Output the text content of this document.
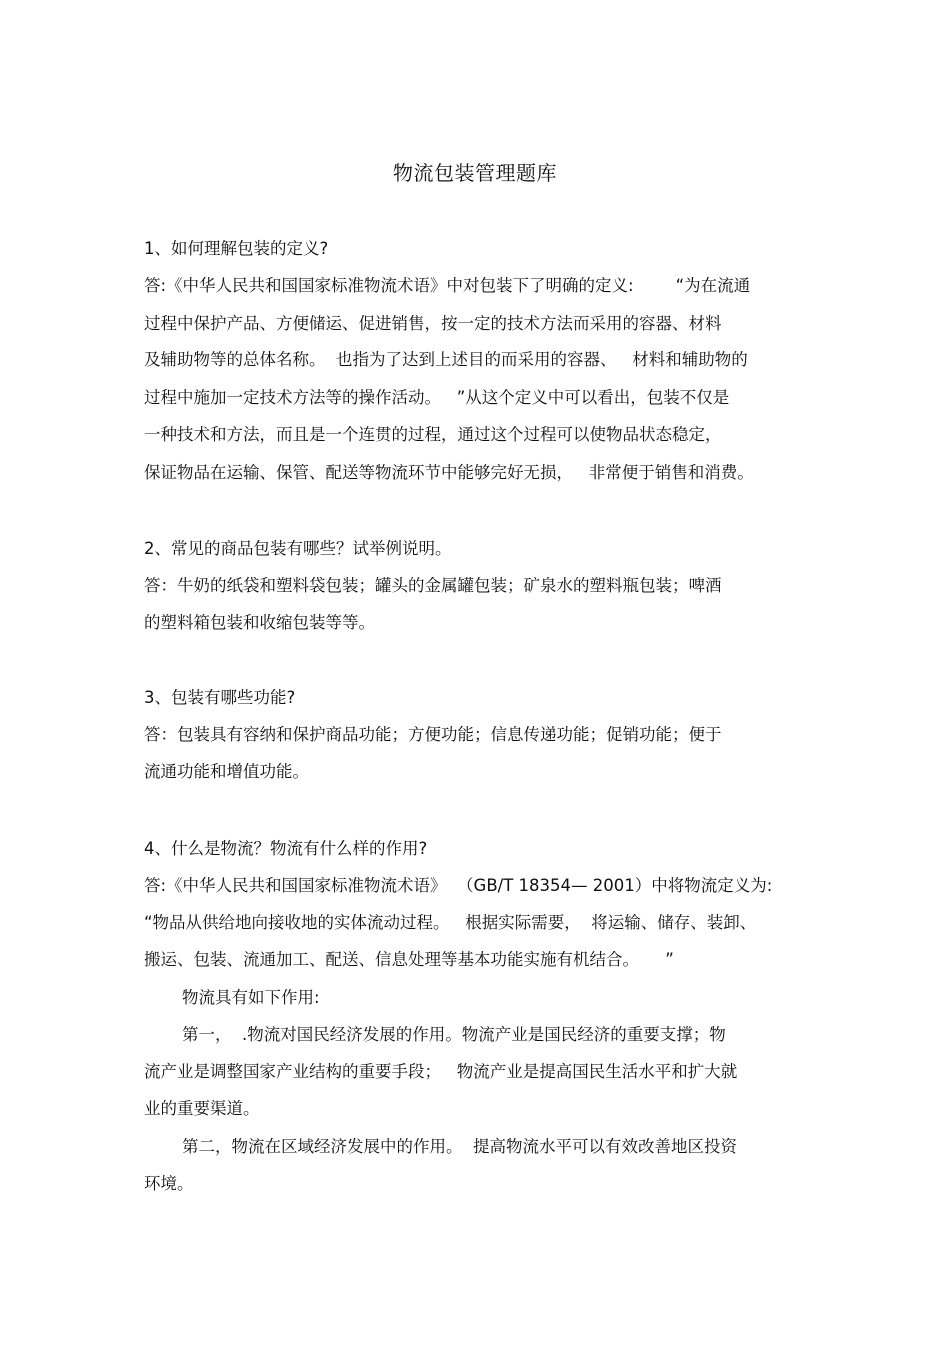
物流包装管理题库
1、如何理解包装的定义?
答:《中华人民共和国国家标准物流术语》中对包装下了明确的定义:        “为在流通
过程中保护产品、方便储运、促进销售，按一定的技术方法而采用的容器、材料
及辅助物等的总体名称。  也指为了达到上述目的而采用的容器、   材料和辅助物的
过程中施加一定技术方法等的操作活动。   ”从这个定义中可以看出，包装不仅是
一种技术和方法，而且是一个连贯的过程，通过这个过程可以使物品状态稳定，
保证物品在运输、保管、配送等物流环节中能够完好无损，   非常便于销售和消费。
2、常见的商品包装有哪些？试举例说明。
答：牛奶的纸袋和塑料袋包装；罐头的金属罐包装；矿泉水的塑料瓶包装；啤酒
的塑料箱包装和收缩包装等等。
3、包装有哪些功能?
答：包装具有容纳和保护商品功能；方便功能；信息传递功能；促销功能；便于
流通功能和增值功能。
4、什么是物流？物流有什么样的作用?
答:《中华人民共和国国家标准物流术语》  （GB/T 18354— 2001）中将物流定义为:
“物品从供给地向接收地的实体流动过程。   根据实际需要，  将运输、储存、装卸、
搬运、包装、流通加工、配送、信息处理等基本功能实施有机结合。     ”
物流具有如下作用:
第一，  .物流对国民经济发展的作用。物流产业是国民经济的重要支撑；物
流产业是调整国家产业结构的重要手段；   物流产业是提高国民生活水平和扩大就
业的重要渠道。
第二，物流在区域经济发展中的作用。  提高物流水平可以有效改善地区投资
环境。
